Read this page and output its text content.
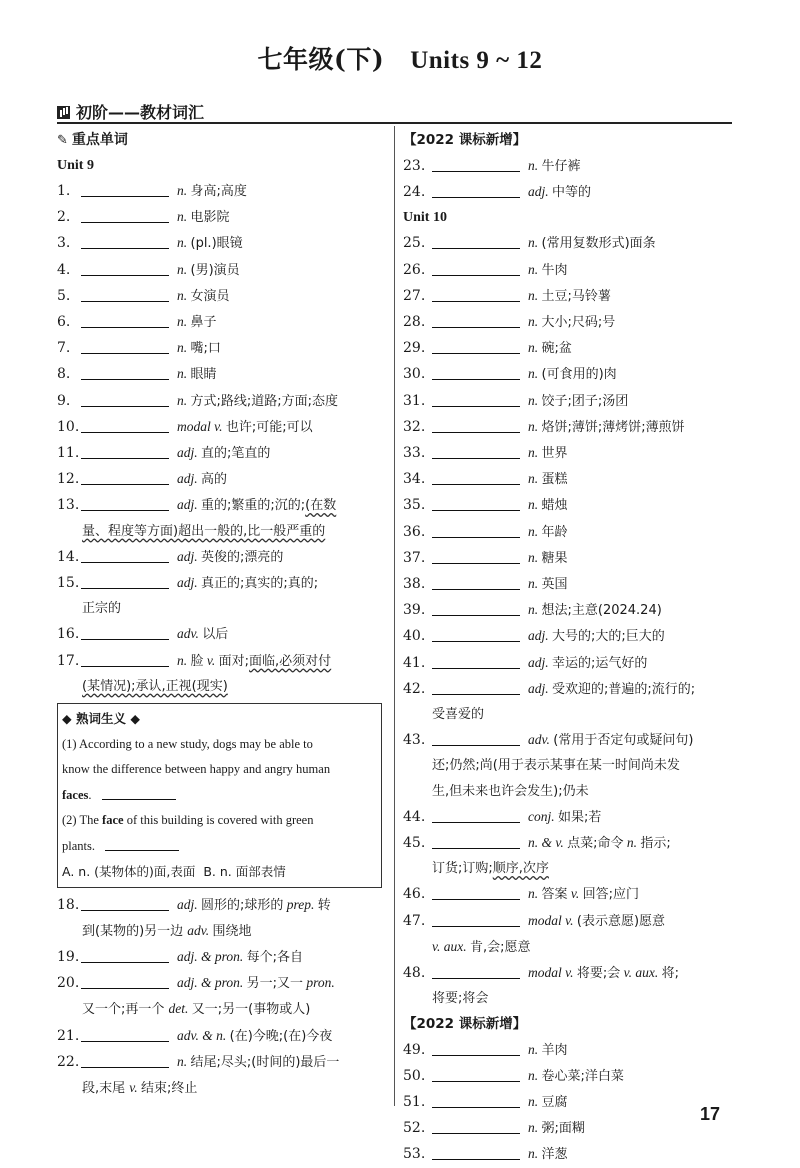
七年级(下) Units 9 ~ 12
初阶——教材词汇
✎ 重点单词
Unit 9
1.	n. 身高;高度
2.	n. 电影院
3.	n. (pl.)眼镜
4.	n. (男)演员
5.	n. 女演员
6.	n. 鼻子
7.	n. 嘴;口
8.	n. 眼睛
9.	n. 方式;路线;道路;方面;态度
10.	modal v. 也许;可能;可以
11.	adj. 直的;笔直的
12.	adj. 高的
13.	adj. 重的;繁重的;沉的;(在数
量、程度等方面)超出一般的,比一般严重的
14.	adj. 英俊的;漂亮的
15.	adj. 真正的;真实的;真的;
正宗的
16.	adv. 以后
17.	n. 脸 v. 面对;面临,必须对付
(某情况);承认,正视(现实)
◆ 熟词生义 ◆
(1) According to a new study, dogs may be able to
know the difference between happy and angry human
faces.
(2) The face of this building is covered with green
plants.
A. n. (某物体的)面,表面 B. n. 面部表情
18.	adj. 圆形的;球形的 prep. 转
到(某物的)另一边 adv. 围绕地
19.	adj. & pron. 每个;各自
20.	adj. & pron. 另一;又一 pron.
又一个;再一个 det. 又一;另一(事物或人)
21.	adv. & n. (在)今晚;(在)今夜
22.	n. 结尾;尽头;(时间的)最后一
段,末尾 v. 结束;终止
【2022 课标新增】
23.	n. 牛仔裤
24.	adj. 中等的
Unit 10
25.	n. (常用复数形式)面条
26.	n. 牛肉
27.	n. 土豆;马铃薯
28.	n. 大小;尺码;号
29.	n. 碗;盆
30.	n. (可食用的)肉
31.	n. 饺子;团子;汤团
32.	n. 烙饼;薄饼;薄烤饼;薄煎饼
33.	n. 世界
34.	n. 蛋糕
35.	n. 蜡烛
36.	n. 年龄
37.	n. 糖果
38.	n. 英国
39.	n. 想法;主意(2024.24)
40.	adj. 大号的;大的;巨大的
41.	adj. 幸运的;运气好的
42.	adj. 受欢迎的;普遍的;流行的;
受喜爱的
43.	adv. (常用于否定句或疑问句)
还;仍然;尚(用于表示某事在某一时间尚未发
生,但未来也许会发生);仍未
44.	conj. 如果;若
45.	n. & v. 点菜;命令 n. 指示;
订货;订购;顺序,次序
46.	n. 答案 v. 回答;应门
47.	modal v. (表示意愿)愿意
v. aux. 肯,会;愿意
48.	modal v. 将要;会 v. aux. 将;
将要;将会
【2022 课标新增】
49.	n. 羊肉
50.	n. 卷心菜;洋白菜
51.	n. 豆腐
52.	n. 粥;面糊
53.	n. 洋葱
17
